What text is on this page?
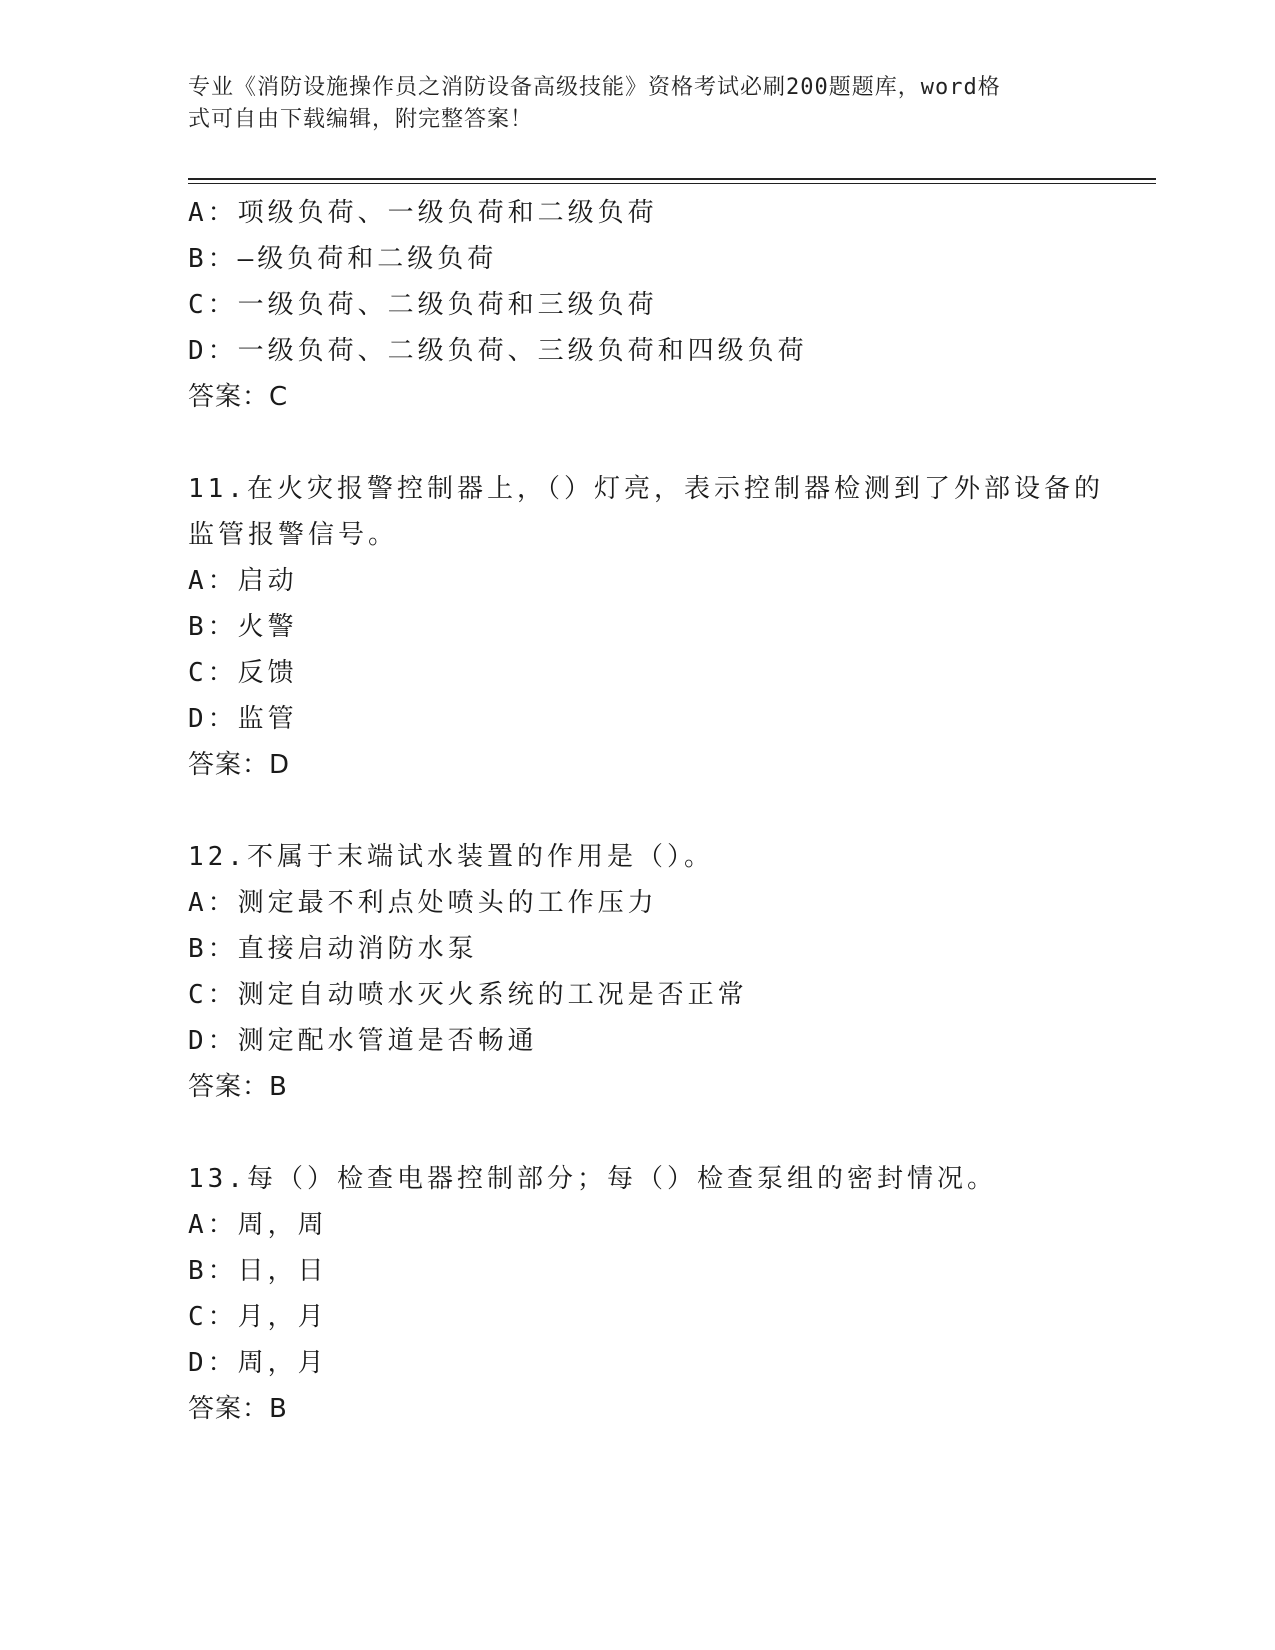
专业《消防设施操作员之消防设备高级技能》资格考试必刷200题题库，word格
式可自由下载编辑，附完整答案！
A：项级负荷、一级负荷和二级负荷
B：—级负荷和二级负荷
C：一级负荷、二级负荷和三级负荷
D：一级负荷、二级负荷、三级负荷和四级负荷
答案：C
11.在火灾报警控制器上，（）灯亮，表示控制器检测到了外部设备的
监管报警信号。
A：启动
B：火警
C：反馈
D：监管
答案：D
12.不属于末端试水装置的作用是（）。
A：测定最不利点处喷头的工作压力
B：直接启动消防水泵
C：测定自动喷水灭火系统的工况是否正常
D：测定配水管道是否畅通
答案：B
13.每（）检查电器控制部分；每（）检查泵组的密封情况。
A：周，周
B：日，日
C：月，月
D：周，月
答案：B
